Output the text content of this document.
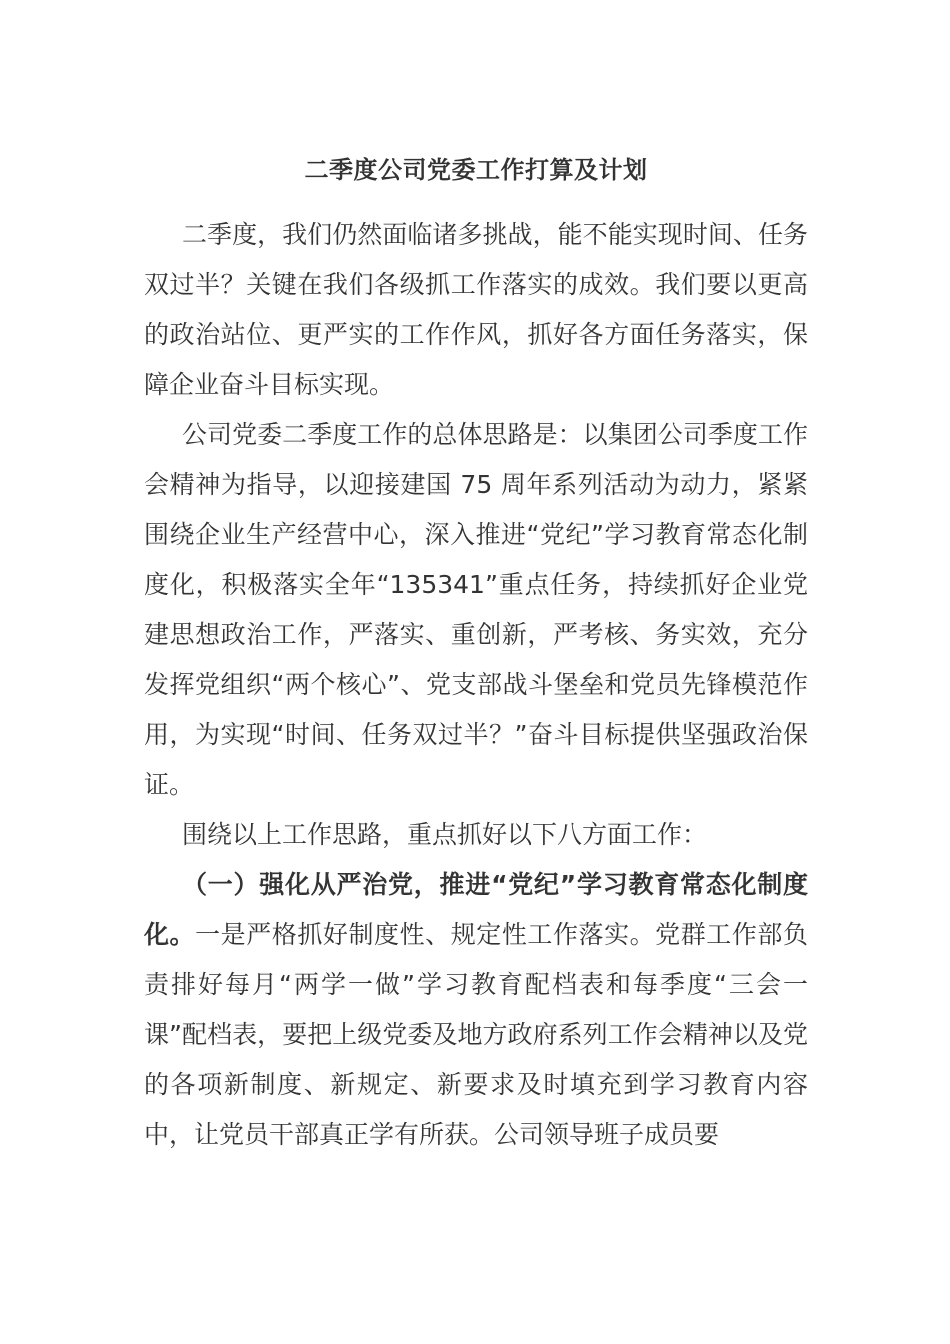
二季度公司党委工作打算及计划

二季度，我们仍然面临诸多挑战，能不能实现时间、任务双过半？关键在我们各级抓工作落实的成效。我们要以更高的政治站位、更严实的工作作风，抓好各方面任务落实，保障企业奋斗目标实现。

公司党委二季度工作的总体思路是：以集团公司季度工作会精神为指导，以迎接建国 75 周年系列活动为动力，紧紧围绕企业生产经营中心，深入推进“党纪”学习教育常态化制度化，积极落实全年“135341”重点任务，持续抓好企业党建思想政治工作，严落实、重创新，严考核、务实效，充分发挥党组织“两个核心”、党支部战斗堡垒和党员先锋模范作用，为实现“时间、任务双过半？”奋斗目标提供坚强政治保证。

围绕以上工作思路，重点抓好以下八方面工作：

（一）强化从严治党，推进“党纪”学习教育常态化制度化。一是严格抓好制度性、规定性工作落实。党群工作部负责排好每月“两学一做”学习教育配档表和每季度“三会一课”配档表，要把上级党委及地方政府系列工作会精神以及党的各项新制度、新规定、新要求及时填充到学习教育内容中，让党员干部真正学有所获。公司领导班子成员要
